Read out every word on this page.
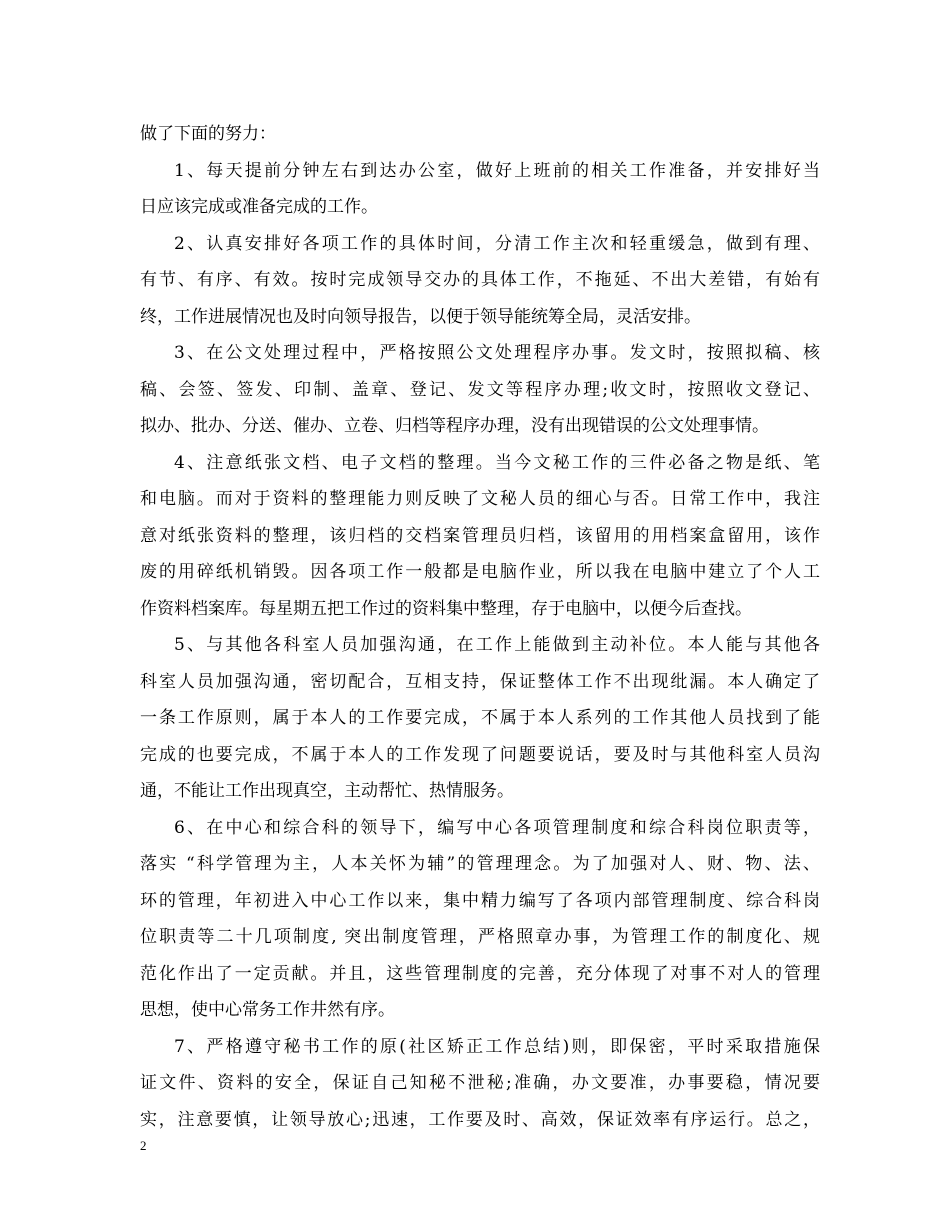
做了下面的努力：
1、每天提前分钟左右到达办公室，做好上班前的相关工作准备，并安排好当
日应该完成或准备完成的工作。
2、认真安排好各项工作的具体时间，分清工作主次和轻重缓急，做到有理、
有节、有序、有效。按时完成领导交办的具体工作，不拖延、不出大差错，有始有
终，工作进展情况也及时向领导报告，以便于领导能统筹全局，灵活安排。
3、在公文处理过程中，严格按照公文处理程序办事。发文时，按照拟稿、核
稿、会签、签发、印制、盖章、登记、发文等程序办理;收文时，按照收文登记、
拟办、批办、分送、催办、立卷、归档等程序办理，没有出现错误的公文处理事情。
4、注意纸张文档、电子文档的整理。当今文秘工作的三件必备之物是纸、笔
和电脑。而对于资料的整理能力则反映了文秘人员的细心与否。日常工作中，我注
意对纸张资料的整理，该归档的交档案管理员归档，该留用的用档案盒留用，该作
废的用碎纸机销毁。因各项工作一般都是电脑作业，所以我在电脑中建立了个人工
作资料档案库。每星期五把工作过的资料集中整理，存于电脑中，以便今后查找。
5、与其他各科室人员加强沟通，在工作上能做到主动补位。本人能与其他各
科室人员加强沟通，密切配合，互相支持，保证整体工作不出现纰漏。本人确定了
一条工作原则，属于本人的工作要完成，不属于本人系列的工作其他人员找到了能
完成的也要完成，不属于本人的工作发现了问题要说话，要及时与其他科室人员沟
通，不能让工作出现真空，主动帮忙、热情服务。
6、在中心和综合科的领导下，编写中心各项管理制度和综合科岗位职责等，
落实 “科学管理为主，人本关怀为辅”的管理理念。为了加强对人、财、物、法、
环的管理，年初进入中心工作以来，集中精力编写了各项内部管理制度、综合科岗
位职责等二十几项制度, 突出制度管理，严格照章办事，为管理工作的制度化、规
范化作出了一定贡献。并且，这些管理制度的完善，充分体现了对事不对人的管理
思想，使中心常务工作井然有序。
7、严格遵守秘书工作的原(社区矫正工作总结)则，即保密，平时采取措施保
证文件、资料的安全，保证自己知秘不泄秘;准确，办文要准，办事要稳，情况要
实，注意要慎，让领导放心;迅速，工作要及时、高效，保证效率有序运行。总之，
2
